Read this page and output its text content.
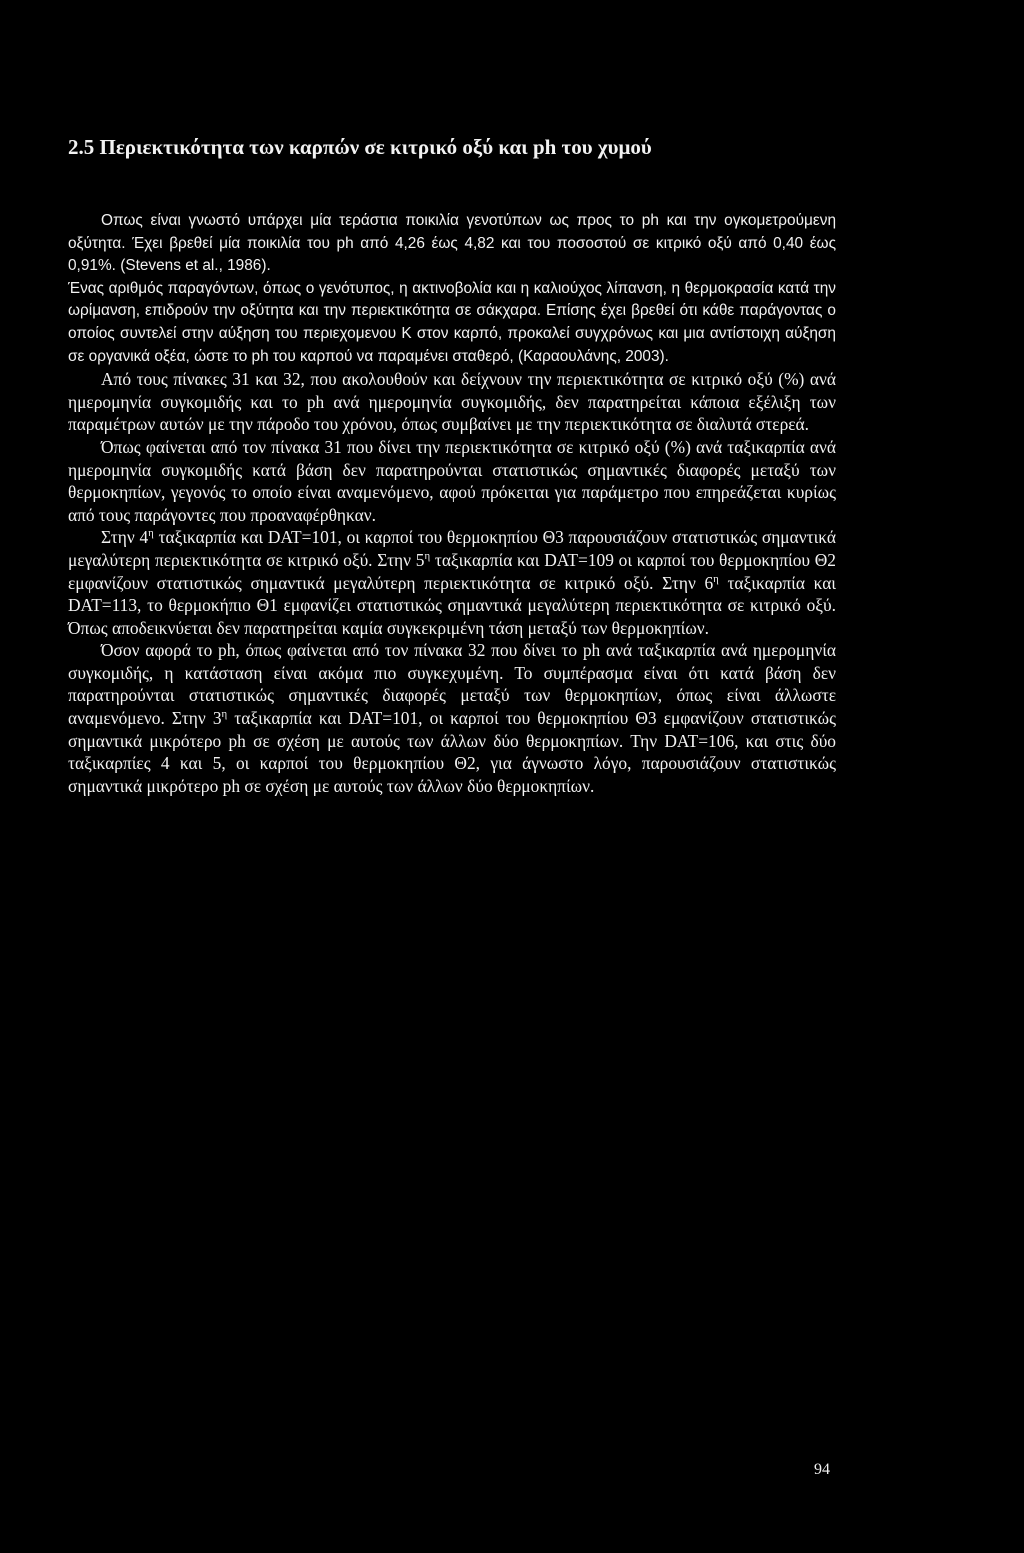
2.5 Περιεκτικότητα των καρπών σε κιτρικό οξύ και ph του χυμού

Οπως είναι γνωστό υπάρχει μία τεράστια ποικιλία γενοτύπων ως προς το ph και την ογκομετρούμενη οξύτητα. Έχει βρεθεί μία ποικιλία του ph από 4,26 έως 4,82 και του ποσοστού σε κιτρικό οξύ από 0,40 έως 0,91%. (Stevens et al., 1986).

Ένας αριθμός παραγόντων, όπως ο γενότυπος, η ακτινοβολία και η καλιούχος λίπανση, η θερμοκρασία κατά την ωρίμανση, επιδρούν την οξύτητα και την περιεκτικότητα σε σάκχαρα. Επίσης έχει βρεθεί ότι κάθε παράγοντας ο οποίος συντελεί στην αύξηση του περιεχομενου Κ στον καρπό, προκαλεί συγχρόνως και μια αντίστοιχη αύξηση σε οργανικά οξέα, ώστε το ph του καρπού να παραμένει σταθερό, (Καραουλάνης, 2003).

Από τους πίνακες 31 και 32, που ακολουθούν και δείχνουν την περιεκτικότητα σε κιτρικό οξύ (%) ανά ημερομηνία συγκομιδής και το ph ανά ημερομηνία συγκομιδής, δεν παρατηρείται κάποια εξέλιξη των παραμέτρων αυτών με την πάροδο του χρόνου, όπως συμβαίνει με την περιεκτικότητα σε διαλυτά στερεά.

Όπως φαίνεται από τον πίνακα 31 που δίνει την περιεκτικότητα σε κιτρικό οξύ (%) ανά ταξικαρπία ανά ημερομηνία συγκομιδής κατά βάση δεν παρατηρούνται στατιστικώς σημαντικές διαφορές μεταξύ των θερμοκηπίων, γεγονός το οποίο είναι αναμενόμενο, αφού πρόκειται για παράμετρο που επηρεάζεται κυρίως από τους παράγοντες που προαναφέρθηκαν.

Στην $4^\eta$ ταξικαρπία και DAT=101, οι καρποί του θερμοκηπίου Θ3 παρουσιάζουν στατιστικώς σημαντικά μεγαλύτερη περιεκτικότητα σε κιτρικό οξύ. Στην $5^\eta$ ταξικαρπία και DAT=109 οι καρποί του θερμοκηπίου Θ2 εμφανίζουν στατιστικώς σημαντικά μεγαλύτερη περιεκτικότητα σε κιτρικό οξύ. Στην $6^\eta$ ταξικαρπία και DAT=113, το θερμοκήπιο Θ1 εμφανίζει στατιστικώς σημαντικά μεγαλύτερη περιεκτικότητα σε κιτρικό οξύ. Όπως αποδεικνύεται δεν παρατηρείται καμία συγκεκριμένη τάση μεταξύ των θερμοκηπίων.

Όσον αφορά το ph, όπως φαίνεται από τον πίνακα 32 που δίνει το ph ανά ταξικαρπία ανά ημερομηνία συγκομιδής, η κατάσταση είναι ακόμα πιο συγκεχυμένη. Το συμπέρασμα είναι ότι κατά βάση δεν παρατηρούνται στατιστικώς σημαντικές διαφορές μεταξύ των θερμοκηπίων, όπως είναι άλλωστε αναμενόμενο. Στην $3^\eta$ ταξικαρπία και DAT=101, οι καρποί του θερμοκηπίου Θ3 εμφανίζουν στατιστικώς σημαντικά μικρότερο ph σε σχέση με αυτούς των άλλων δύο θερμοκηπίων. Την DAT=106, και στις δύο ταξικαρπίες 4 και 5, οι καρποί του θερμοκηπίου Θ2, για άγνωστο λόγο, παρουσιάζουν στατιστικώς σημαντικά μικρότερο ph σε σχέση με αυτούς των άλλων δύο θερμοκηπίων.

94
